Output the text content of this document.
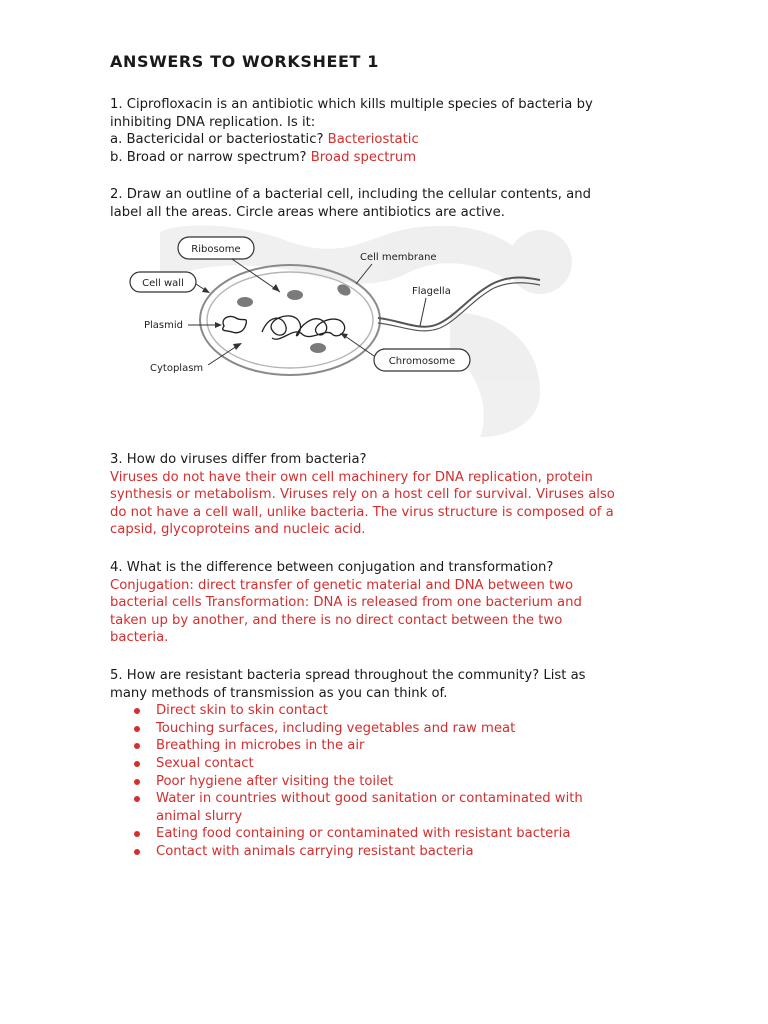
ANSWERS TO WORKSHEET 1
1. Ciprofloxacin is an antibiotic which kills multiple species of bacteria by
inhibiting DNA replication. Is it:
a. Bactericidal or bacteriostatic? Bacteriostatic
b. Broad or narrow spectrum? Broad spectrum
2. Draw an outline of a bacterial cell, including the cellular contents, and
label all the areas. Circle areas where antibiotics are active.
3. How do viruses differ from bacteria?
Viruses do not have their own cell machinery for DNA replication, protein
synthesis or metabolism. Viruses rely on a host cell for survival. Viruses also
do not have a cell wall, unlike bacteria. The virus structure is composed of a
capsid, glycoproteins and nucleic acid.
4. What is the difference between conjugation and transformation?
Conjugation: direct transfer of genetic material and DNA between two
bacterial cells Transformation: DNA is released from one bacterium and
taken up by another, and there is no direct contact between the two
bacteria.
5. How are resistant bacteria spread throughout the community? List as
many methods of transmission as you can think of.
Direct skin to skin contact
Touching surfaces, including vegetables and raw meat
Breathing in microbes in the air
Sexual contact
Poor hygiene after visiting the toilet
Water in countries without good sanitation or contaminated with
animal slurry
Eating food containing or contaminated with resistant bacteria
Contact with animals carrying resistant bacteria
Ribosome
Cell membrane
Cell wall
Flagella
Plasmid
Cytoplasm
Chromosome
